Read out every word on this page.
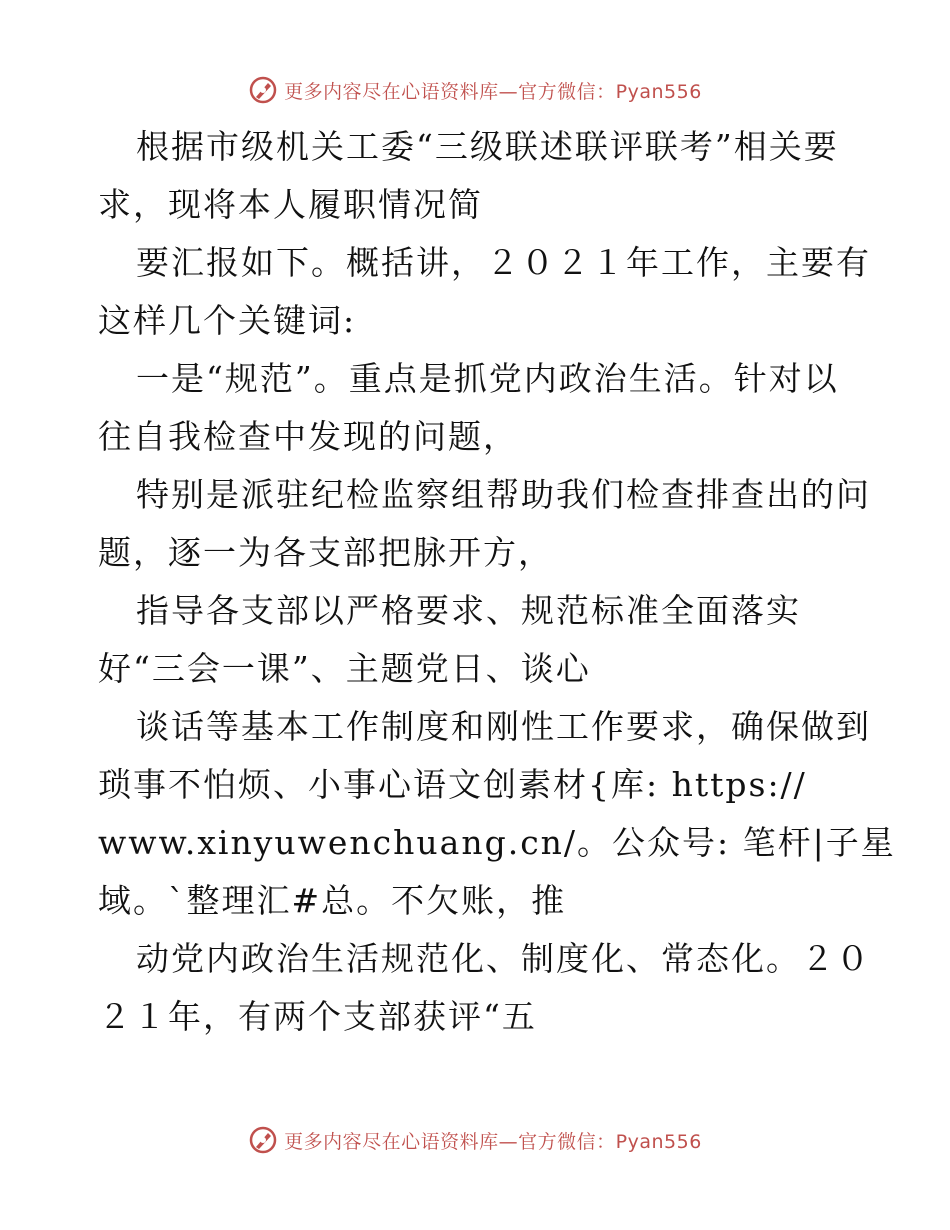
更多内容尽在心语资料库—官方微信：Pyan556
根据市级机关工委“三级联述联评联考”相关要
求，现将本人履职情况简
要汇报如下。概括讲，２０２１年工作，主要有
这样几个关键词:
一是“规范”。重点是抓党内政治生活。针对以
往自我检查中发现的问题，
特别是派驻纪检监察组帮助我们检查排查出的问
题，逐一为各支部把脉开方，
指导各支部以严格要求、规范标准全面落实
好“三会一课”、主题党日、谈心
谈话等基本工作制度和刚性工作要求，确保做到
琐事不怕烦、小事心语文创素材{库: https://
www.xinyuwenchuang.cn/。公众号: 笔杆|子星
域。`整理汇#总。不欠账，推
动党内政治生活规范化、制度化、常态化。２０
２１年，有两个支部获评“五
更多内容尽在心语资料库—官方微信：Pyan556
